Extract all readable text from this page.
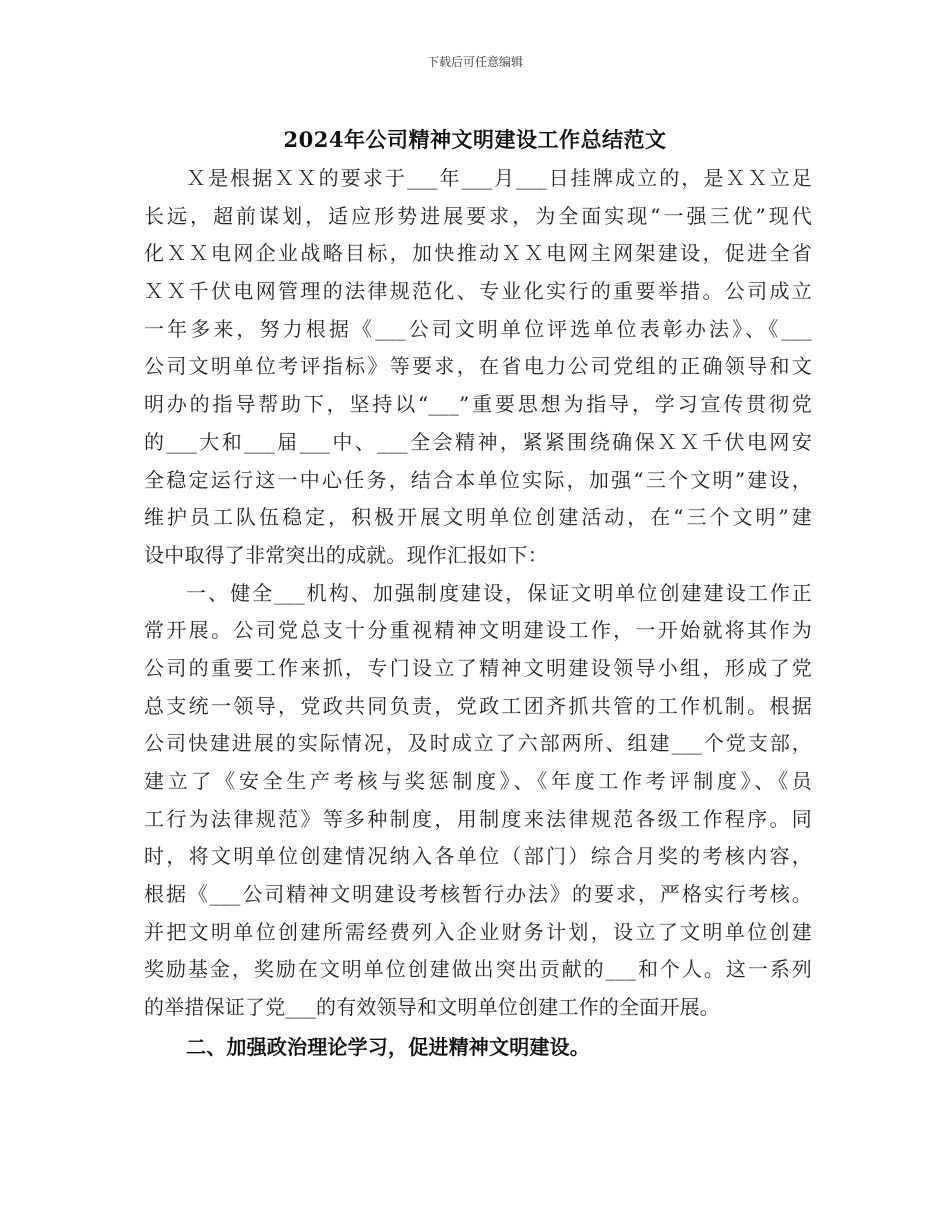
下载后可任意编辑
2024年公司精神文明建设工作总结范文
Ｘ是根据ＸＸ的要求于___年___月___日挂牌成立的，是ＸＸ立足
长远，超前谋划，适应形势进展要求，为全面实现“一强三优”现代
化ＸＸ电网企业战略目标，加快推动ＸＸ电网主网架建设，促进全省
ＸＸ千伏电网管理的法律规范化、专业化实行的重要举措。公司成立
一年多来，努力根据《___公司文明单位评选单位表彰办法》、《___
公司文明单位考评指标》等要求，在省电力公司党组的正确领导和文
明办的指导帮助下，坚持以“___”重要思想为指导，学习宣传贯彻党
的___大和___届___中、___全会精神，紧紧围绕确保ＸＸ千伏电网安
全稳定运行这一中心任务，结合本单位实际，加强“三个文明”建设，
维护员工队伍稳定，积极开展文明单位创建活动，在“三个文明”建
设中取得了非常突出的成就。现作汇报如下：
一、健全___机构、加强制度建设，保证文明单位创建建设工作正
常开展。公司党总支十分重视精神文明建设工作，一开始就将其作为
公司的重要工作来抓，专门设立了精神文明建设领导小组，形成了党
总支统一领导，党政共同负责，党政工团齐抓共管的工作机制。根据
公司快建进展的实际情况，及时成立了六部两所、组建___个党支部，
建立了《安全生产考核与奖惩制度》、《年度工作考评制度》、《员
工行为法律规范》等多种制度，用制度来法律规范各级工作程序。同
时，将文明单位创建情况纳入各单位（部门）综合月奖的考核内容，
根据《___公司精神文明建设考核暂行办法》的要求，严格实行考核。
并把文明单位创建所需经费列入企业财务计划，设立了文明单位创建
奖励基金，奖励在文明单位创建做出突出贡献的___和个人。这一系列
的举措保证了党___的有效领导和文明单位创建工作的全面开展。
二、加强政治理论学习，促进精神文明建设。
